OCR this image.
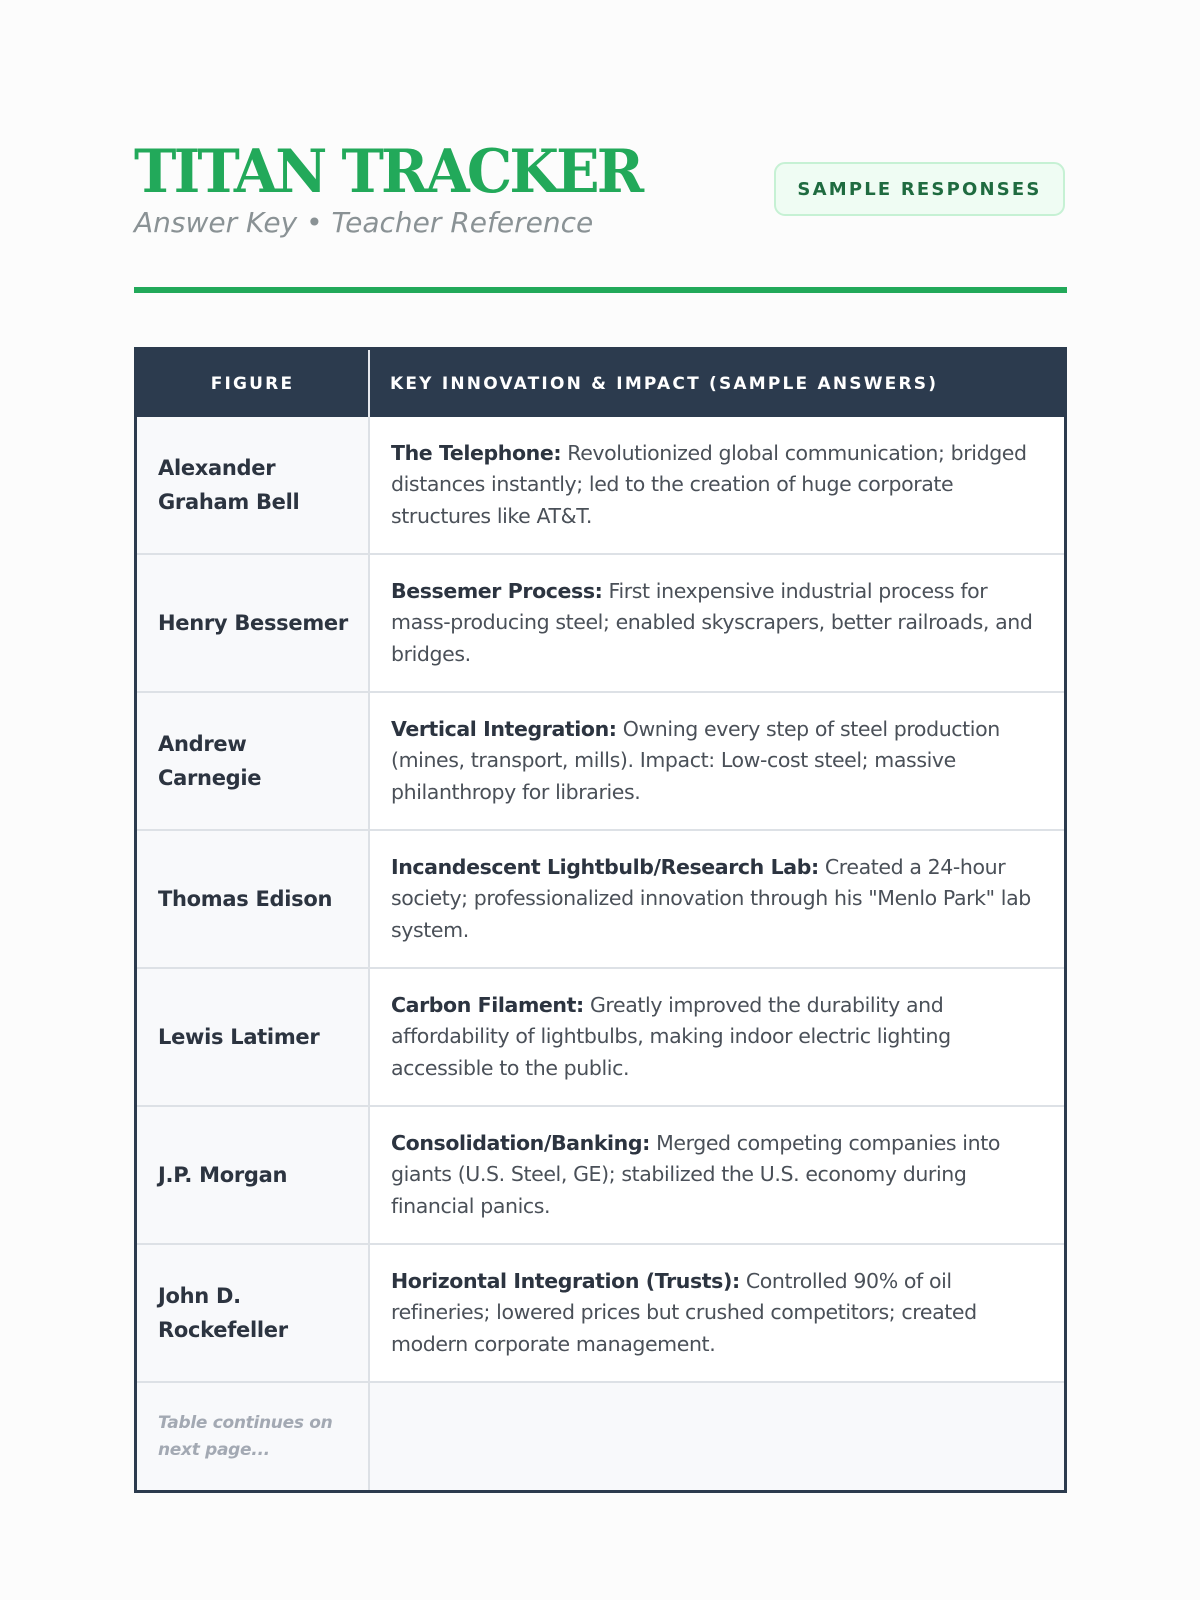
TITAN TRACKER
Answer Key • Teacher Reference
SAMPLE RESPONSES
FIGURE	KEY INNOVATION & IMPACT (SAMPLE ANSWERS)
Alexander Graham Bell
The Telephone: Revolutionized global communication; bridged distances instantly; led to the creation of huge corporate structures like AT&T.
Henry Bessemer
Bessemer Process: First inexpensive industrial process for mass-producing steel; enabled skyscrapers, better railroads, and bridges.
Andrew Carnegie
Vertical Integration: Owning every step of steel production (mines, transport, mills). Impact: Low-cost steel; massive philanthropy for libraries.
Thomas Edison
Incandescent Lightbulb/Research Lab: Created a 24-hour society; professionalized innovation through his "Menlo Park" lab system.
Lewis Latimer
Carbon Filament: Greatly improved the durability and affordability of lightbulbs, making indoor electric lighting accessible to the public.
J.P. Morgan
Consolidation/Banking: Merged competing companies into giants (U.S. Steel, GE); stabilized the U.S. economy during financial panics.
John D. Rockefeller
Horizontal Integration (Trusts): Controlled 90% of oil refineries; lowered prices but crushed competitors; created modern corporate management.
Table continues on next page...
